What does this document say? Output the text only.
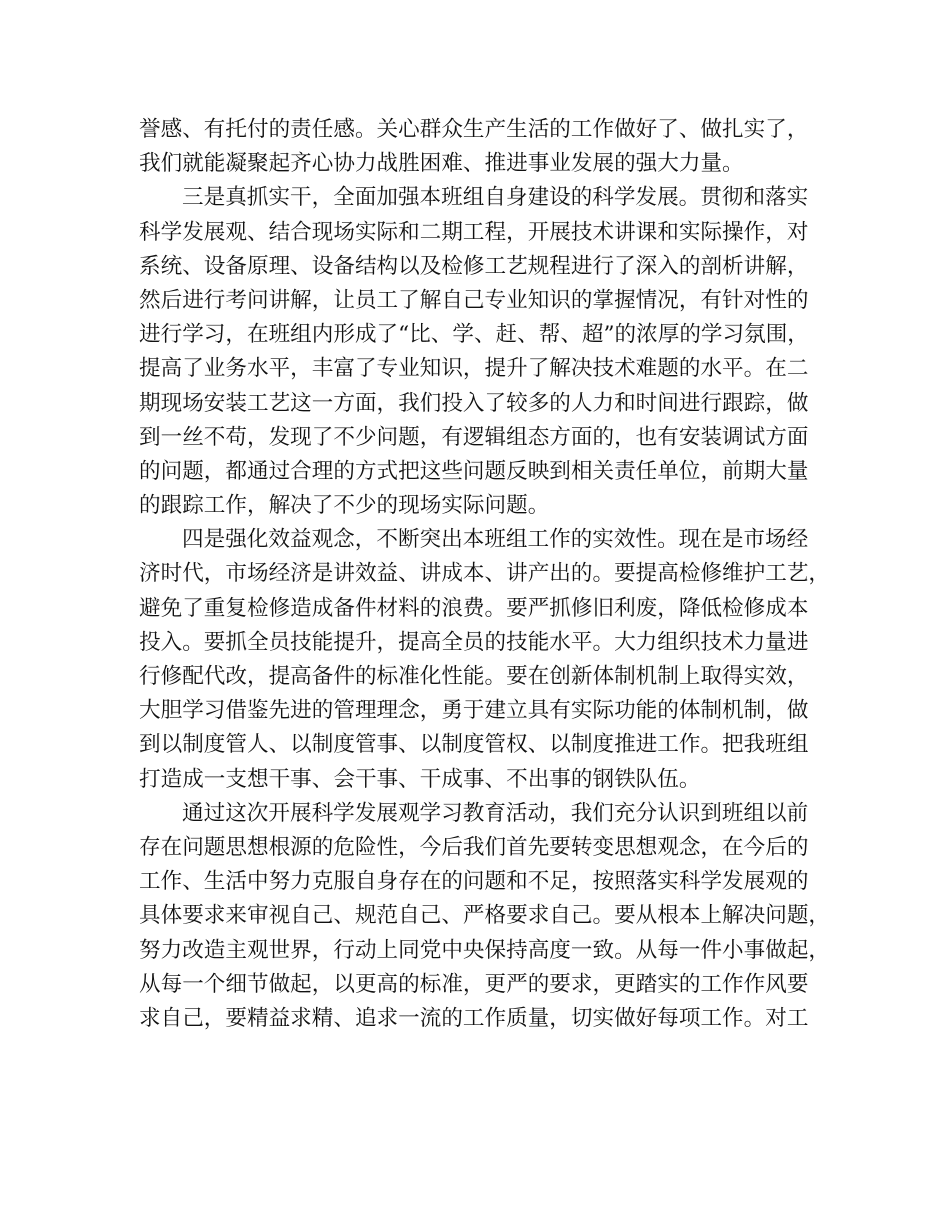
誉感、有托付的责任感。关心群众生产生活的工作做好了、做扎实了，
我们就能凝聚起齐心协力战胜困难、推进事业发展的强大力量。
三是真抓实干，全面加强本班组自身建设的科学发展。贯彻和落实
科学发展观、结合现场实际和二期工程，开展技术讲课和实际操作，对
系统、设备原理、设备结构以及检修工艺规程进行了深入的剖析讲解，
然后进行考问讲解，让员工了解自己专业知识的掌握情况，有针对性的
进行学习，在班组内形成了“比、学、赶、帮、超”的浓厚的学习氛围，
提高了业务水平，丰富了专业知识，提升了解决技术难题的水平。在二
期现场安装工艺这一方面，我们投入了较多的人力和时间进行跟踪，做
到一丝不苟，发现了不少问题，有逻辑组态方面的，也有安装调试方面
的问题，都通过合理的方式把这些问题反映到相关责任单位，前期大量
的跟踪工作，解决了不少的现场实际问题。
四是强化效益观念，不断突出本班组工作的实效性。现在是市场经
济时代，市场经济是讲效益、讲成本、讲产出的。要提高检修维护工艺，
避免了重复检修造成备件材料的浪费。要严抓修旧利废，降低检修成本
投入。要抓全员技能提升，提高全员的技能水平。大力组织技术力量进
行修配代改，提高备件的标准化性能。要在创新体制机制上取得实效，
大胆学习借鉴先进的管理理念，勇于建立具有实际功能的体制机制，做
到以制度管人、以制度管事、以制度管权、以制度推进工作。把我班组
打造成一支想干事、会干事、干成事、不出事的钢铁队伍。
通过这次开展科学发展观学习教育活动，我们充分认识到班组以前
存在问题思想根源的危险性，今后我们首先要转变思想观念，在今后的
工作、生活中努力克服自身存在的问题和不足，按照落实科学发展观的
具体要求来审视自己、规范自己、严格要求自己。要从根本上解决问题，
努力改造主观世界，行动上同党中央保持高度一致。从每一件小事做起，
从每一个细节做起，以更高的标准，更严的要求，更踏实的工作作风要
求自己，要精益求精、追求一流的工作质量，切实做好每项工作。对工
